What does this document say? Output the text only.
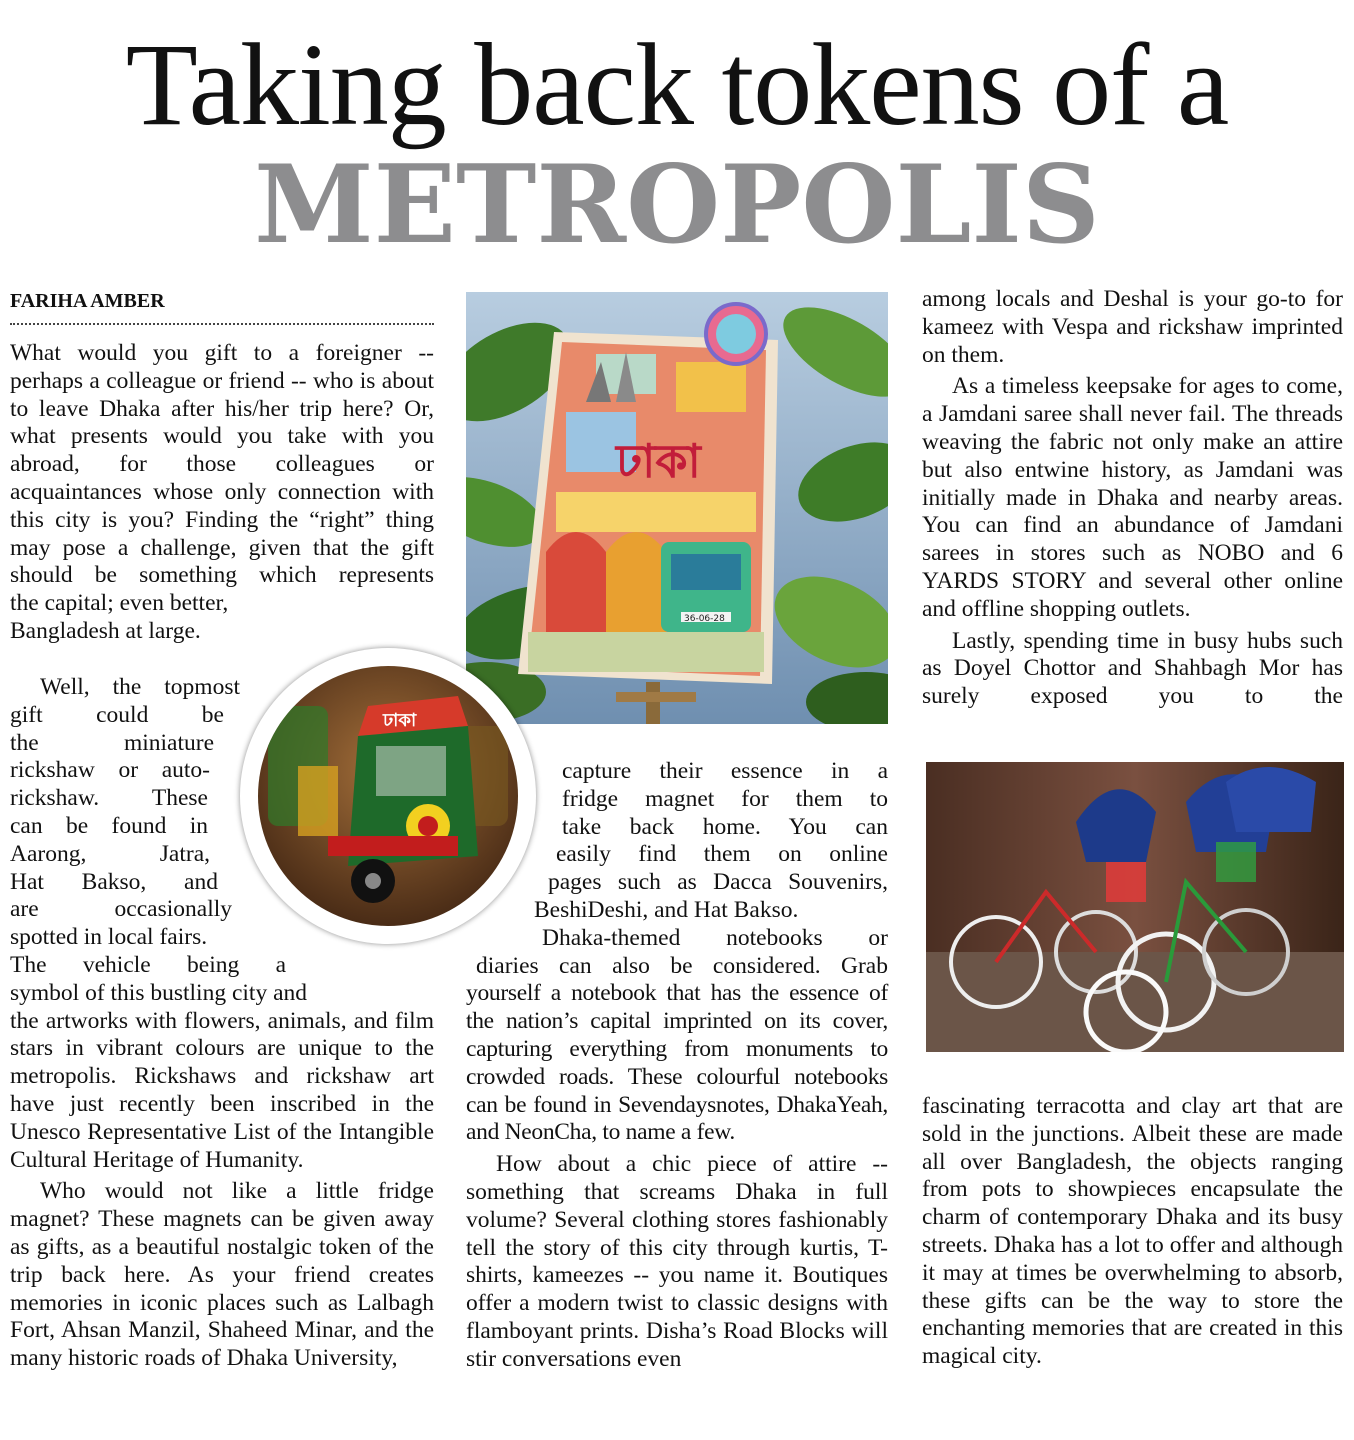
Taking back tokens of a
METROPOLIS
FARIHA AMBER

What would you gift to a foreigner -- perhaps a colleague or friend -- who is about to leave Dhaka after his/her trip here? Or, what presents would you take with you abroad, for those colleagues or acquaintances whose only connection with this city is you? Finding the “right” thing may pose a challenge, given that the gift should be something which represents

the capital; even better,

Bangladesh at large.

Well, the topmost
gift could be
the miniature
rickshaw or auto-
rickshaw. These
can be found in
Aarong, Jatra,
Hat Bakso, and
are occasionally
spotted in local fairs.
The vehicle being a
symbol of this bustling city and

the artworks with flowers, animals, and film stars in vibrant colours are unique to the metropolis. Rickshaws and rickshaw art have just recently been inscribed in the Unesco Representative List of the Intangible Cultural Heritage of Humanity.

Who would not like a little fridge magnet? These magnets can be given away as gifts, as a beautiful nostalgic token of the trip back here. As your friend creates memories in iconic places such as Lalbagh Fort, Ahsan Manzil, Shaheed Minar, and the many historic roads of Dhaka University,

ঢাকা
36-06-28
capture their essence in a
fridge magnet for them to
take back home. You can
easily find them on online
pages such as Dacca Souvenirs,
BeshiDeshi, and Hat Bakso.
Dhaka-themed notebooks or
diaries can also be considered. Grab

yourself a notebook that has the essence of the nation’s capital imprinted on its cover, capturing everything from monuments to crowded roads. These colourful notebooks can be found in Sevendaysnotes, DhakaYeah, and NeonCha, to name a few.

How about a chic piece of attire -- something that screams Dhaka in full volume? Several clothing stores fashionably tell the story of this city through kurtis, T-shirts, kameezes -- you name it. Boutiques offer a modern twist to classic designs with flamboyant prints. Disha’s Road Blocks will stir conversations even

ঢাকা

among locals and Deshal is your go-to for kameez with Vespa and rickshaw imprinted on them.

As a timeless keepsake for ages to come, a Jamdani saree shall never fail. The threads weaving the fabric not only make an attire but also entwine history, as Jamdani was initially made in Dhaka and nearby areas. You can find an abundance of Jamdani sarees in stores such as NOBO and 6 YARDS STORY and several other online and offline shopping outlets.

Lastly, spending time in busy hubs such as Doyel Chottor and Shahbagh Mor has surely exposed you to the

fascinating terracotta and clay art that are sold in the junctions. Albeit these are made all over Bangladesh, the objects ranging from pots to showpieces encapsulate the charm of contemporary Dhaka and its busy streets. Dhaka has a lot to offer and although it may at times be overwhelming to absorb, these gifts can be the way to store the enchanting memories that are created in this magical city.
